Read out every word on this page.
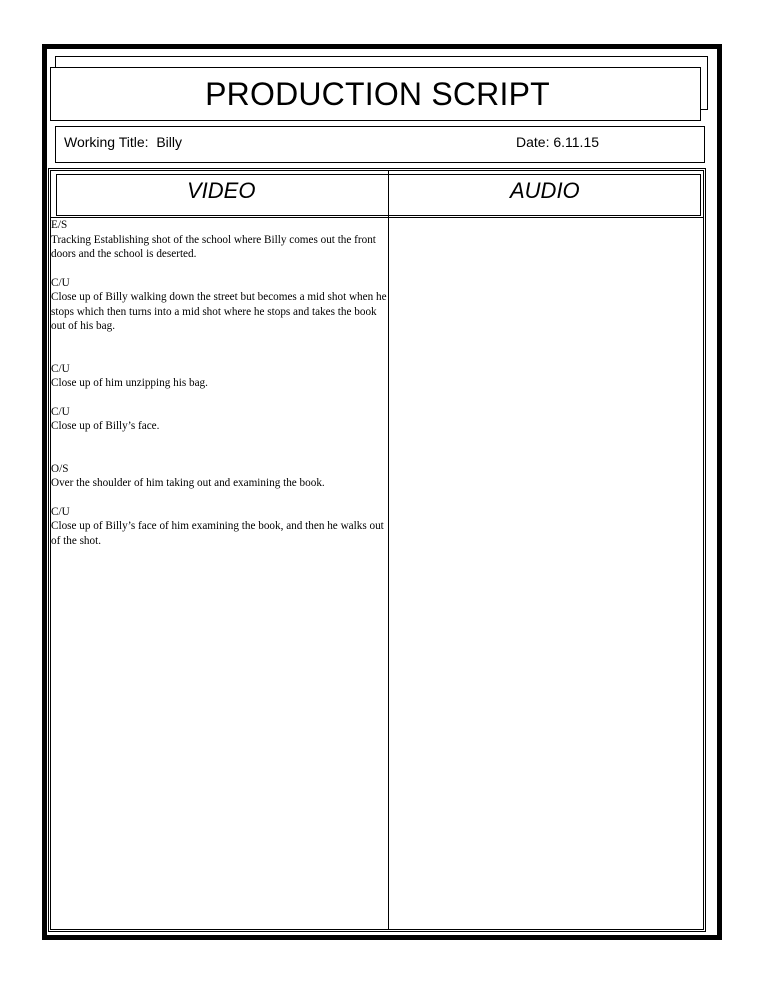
PRODUCTION SCRIPT
Working Title:  Billy	Date: 6.11.15
VIDEO	AUDIO

E/S

Tracking Establishing shot of the school where Billy comes out the front doors and the school is deserted.

C/U

Close up of Billy walking down the street but becomes a mid shot when he stops which then turns into a mid shot where he stops and takes the book out of his bag.

C/U

Close up of him unzipping his bag.

C/U

Close up of Billy’s face.

O/S

Over the shoulder of him taking out and examining the book.

C/U

Close up of Billy’s face of him examining the book, and then he walks out of the shot.
